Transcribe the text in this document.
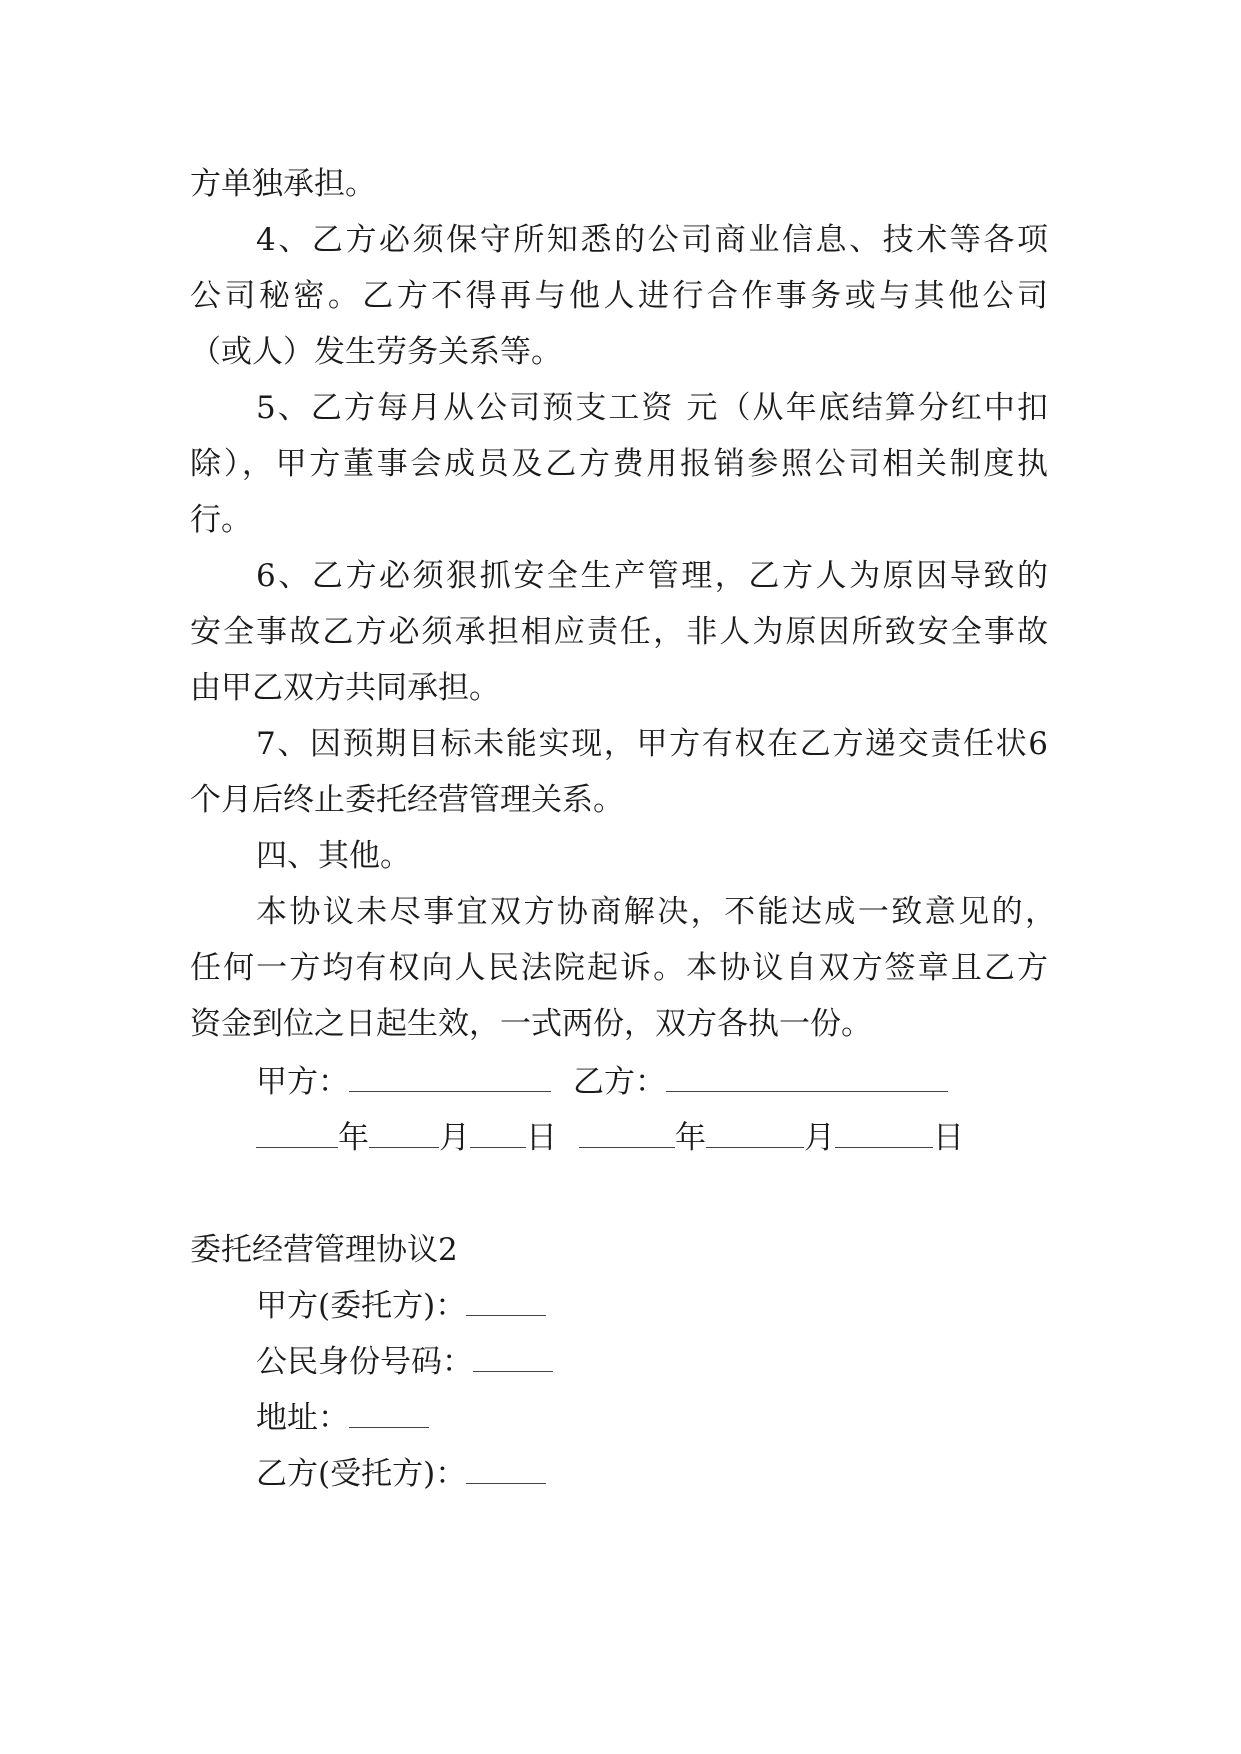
方单独承担。
4、乙方必须保守所知悉的公司商业信息、技术等各项
公司秘密。乙方不得再与他人进行合作事务或与其他公司
（或人）发生劳务关系等。
5、乙方每月从公司预支工资 元（从年底结算分红中扣
除），甲方董事会成员及乙方费用报销参照公司相关制度执
行。
6、乙方必须狠抓安全生产管理，乙方人为原因导致的
安全事故乙方必须承担相应责任，非人为原因所致安全事故
由甲乙双方共同承担。
7、因预期目标未能实现，甲方有权在乙方递交责任状6
个月后终止委托经营管理关系。
四、其他。
本协议未尽事宜双方协商解决，不能达成一致意见的，
任何一方均有权向人民法院起诉。本协议自双方签章且乙方
资金到位之日起生效，一式两份，双方各执一份。
甲方：	乙方：
年 月 日	年	月	日
委托经营管理协议2
甲方(委托方)：
公民身份号码：
地址：
乙方(受托方)：
